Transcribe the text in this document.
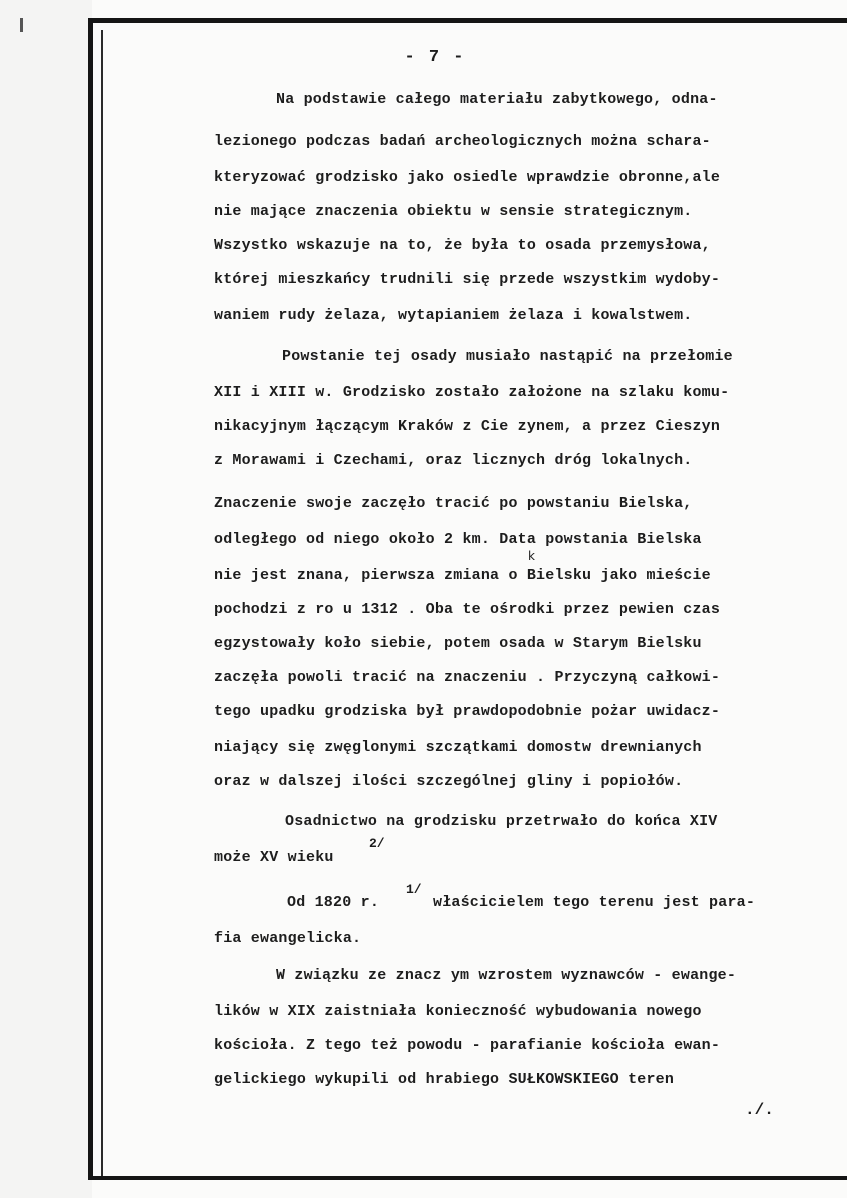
- 7 -
Na podstawie całego materiału zabytkowego, odna-
lezionego podczas badań archeologicznych można schara-
kteryzować grodzisko jako osiedle wprawdzie obronne,ale
nie mające znaczenia obiektu w sensie strategicznym.
Wszystko wskazuje na to, że była to osada przemysłowa,
której mieszkańcy trudnili się przede wszystkim wydoby-
waniem rudy żelaza, wytapianiem żelaza i kowalstwem.
Powstanie tej osady musiało nastąpić na przełomie
XII i XIII w. Grodzisko zostało założone na szlaku komu-
nikacyjnym łączącym Kraków z Cie zynem, a przez Cieszyn
z Morawami i Czechami, oraz licznych dróg lokalnych.
Znaczenie swoje zaczęło tracić po powstaniu Bielska,
odległego od niego około 2 km. Data powstania Bielska
k
nie jest znana, pierwsza zmiana o Bielsku jako mieście
pochodzi z ro u 1312 . Oba te ośrodki przez pewien czas
egzystowały koło siebie, potem osada w Starym Bielsku
zaczęła powoli tracić na znaczeniu . Przyczyną całkowi-
tego upadku grodziska był prawdopodobnie pożar uwidacz-
niający się zwęglonymi szczątkami domostw drewnianych
oraz w dalszej ilości szczególnej gliny i popiołów.
Osadnictwo na grodzisku przetrwało do końca XIV
może XV wieku
2/
Od 1820 r.
1/
właścicielem tego terenu jest para-
fia ewangelicka.
W związku ze znacz ym wzrostem wyznawców - ewange-
lików w XIX zaistniała konieczność wybudowania nowego
kościoła. Z tego też powodu - parafianie kościoła ewan-
gelickiego wykupili od hrabiego SUŁKOWSKIEGO teren
./.
